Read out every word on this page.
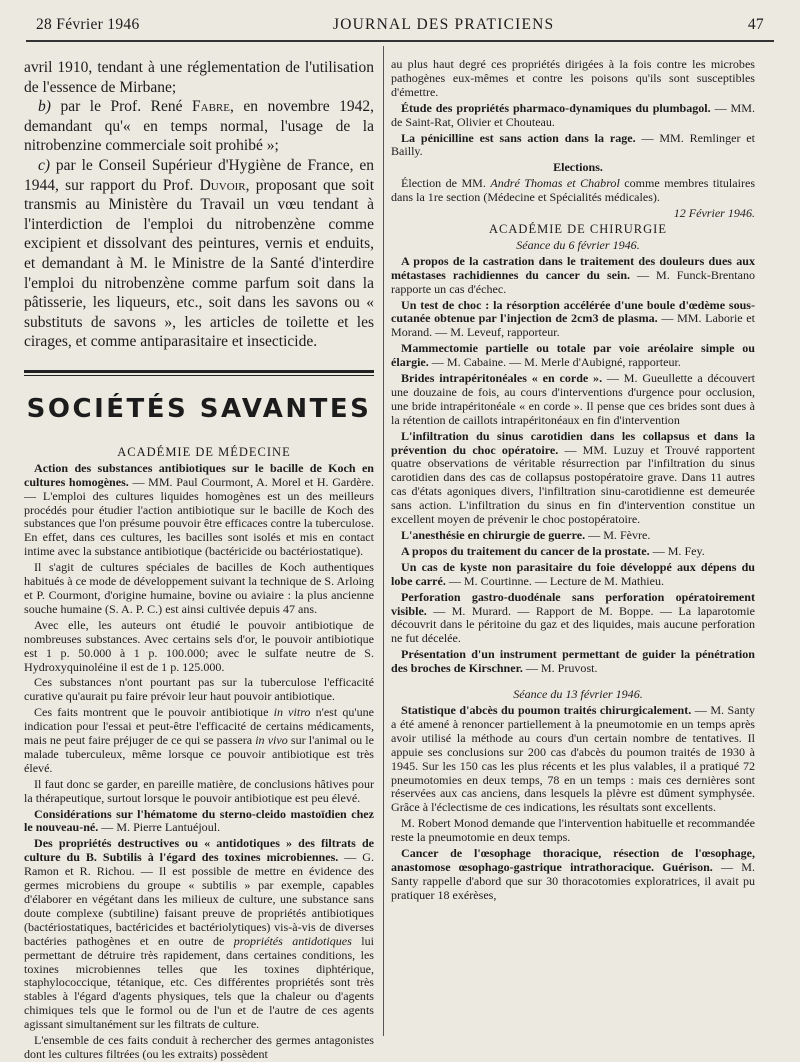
28 Février 1946	JOURNAL DES PRATICIENS	47

avril 1910, tendant à une réglementation de l'utilisation de l'essence de Mirbane;

b) par le Prof. René Fabre, en novembre 1942, demandant qu'« en temps normal, l'usage de la nitrobenzine commerciale soit prohibé »;

c) par le Conseil Supérieur d'Hygiène de France, en 1944, sur rapport du Prof. Duvoir, proposant que soit transmis au Ministère du Travail un vœu tendant à l'interdiction de l'emploi du nitrobenzène comme excipient et dissolvant des peintures, vernis et enduits, et demandant à M. le Ministre de la Santé d'interdire l'emploi du nitrobenzène comme parfum soit dans la pâtisserie, les liqueurs, etc., soit dans les savons ou « substituts de savons », les articles de toilette et les cirages, et comme antiparasitaire et insecticide.

SOCIÉTÉS SAVANTES

ACADÉMIE DE MÉDECINE

Action des substances antibiotiques sur le bacille de Koch en cultures homogènes. — MM. Paul Courmont, A. Morel et H. Gardère. — L'emploi des cultures liquides homogènes est un des meilleurs procédés pour étudier l'action antibiotique sur le bacille de Koch des substances que l'on présume pouvoir être efficaces contre la tuberculose. En effet, dans ces cultures, les bacilles sont isolés et mis en contact intime avec la substance antibiotique (bactéricide ou bactériostatique).

Il s'agit de cultures spéciales de bacilles de Koch authentiques habitués à ce mode de développement suivant la technique de S. Arloing et P. Courmont, d'origine humaine, bovine ou aviaire : la plus ancienne souche humaine (S. A. P. C.) est ainsi cultivée depuis 47 ans.

Avec elle, les auteurs ont étudié le pouvoir antibiotique de nombreuses substances. Avec certains sels d'or, le pouvoir antibiotique est 1 p. 50.000 à 1 p. 100.000; avec le sulfate neutre de S. Hydroxyquinoléine il est de 1 p. 125.000.

Ces substances n'ont pourtant pas sur la tuberculose l'efficacité curative qu'aurait pu faire prévoir leur haut pouvoir antibiotique.

Ces faits montrent que le pouvoir antibiotique in vitro n'est qu'une indication pour l'essai et peut-être l'efficacité de certains médicaments, mais ne peut faire préjuger de ce qui se passera in vivo sur l'animal ou le malade tuberculeux, même lorsque ce pouvoir antibiotique est très élevé.

Il faut donc se garder, en pareille matière, de conclusions hâtives pour la thérapeutique, surtout lorsque le pouvoir antibiotique est peu élevé.

Considérations sur l'hématome du sterno-cleido mastoïdien chez le nouveau-né. — M. Pierre Lantuéjoul.

Des propriétés destructives ou « antidotiques » des filtrats de culture du B. Subtilis à l'égard des toxines microbiennes. — G. Ramon et R. Richou. — Il est possible de mettre en évidence des germes microbiens du groupe « subtilis » par exemple, capables d'élaborer en végétant dans les milieux de culture, une substance sans doute complexe (subtiline) faisant preuve de propriétés antibiotiques (bactériostatiques, bactéricides et bactériolytiques) vis-à-vis de diverses bactéries pathogènes et en outre de propriétés antidotiques lui permettant de détruire très rapidement, dans certaines conditions, les toxines microbiennes telles que les toxines diphtérique, staphylococcique, tétanique, etc. Ces différentes propriétés sont très stables à l'égard d'agents physiques, tels que la chaleur ou d'agents chimiques tels que le formol ou de l'un et de l'autre de ces agents agissant simultanément sur les filtrats de culture.

L'ensemble de ces faits conduit à rechercher des germes antagonistes dont les cultures filtrées (ou les extraits) possèdent

au plus haut degré ces propriétés dirigées à la fois contre les microbes pathogènes eux-mêmes et contre les poisons qu'ils sont susceptibles d'émettre.

Étude des propriétés pharmaco-dynamiques du plumbagol. — MM. de Saint-Rat, Olivier et Chouteau.

La pénicilline est sans action dans la rage. — MM. Remlinger et Bailly.

Elections.

Élection de MM. André Thomas et Chabrol comme membres titulaires dans la 1re section (Médecine et Spécialités médicales).

12 Février 1946.

ACADÉMIE DE CHIRURGIE

Séance du 6 février 1946.

A propos de la castration dans le traitement des douleurs dues aux métastases rachidiennes du cancer du sein. — M. Funck-Brentano rapporte un cas d'échec.

Un test de choc : la résorption accélérée d'une boule d'œdème sous-cutanée obtenue par l'injection de 2cm3 de plasma. — MM. Laborie et Morand. — M. Leveuf, rapporteur.

Mammectomie partielle ou totale par voie aréolaire simple ou élargie. — M. Cabaine. — M. Merle d'Aubigné, rapporteur.

Brides intrapéritonéales « en corde ». — M. Gueullette a découvert une douzaine de fois, au cours d'interventions d'urgence pour occlusion, une bride intrapéritonéale « en corde ». Il pense que ces brides sont dues à la rétention de caillots intrapéritonéaux en fin d'intervention

L'infiltration du sinus carotidien dans les collapsus et dans la prévention du choc opératoire. — MM. Luzuy et Trouvé rapportent quatre observations de véritable résurrection par l'infiltration du sinus carotidien dans des cas de collapsus postopératoire grave. Dans 11 autres cas d'états agoniques divers, l'infiltration sinu-carotidienne est demeurée sans action. L'infiltration du sinus en fin d'intervention constitue un excellent moyen de prévenir le choc postopératoire.

L'anesthésie en chirurgie de guerre. — M. Fèvre.

A propos du traitement du cancer de la prostate. — M. Fey.

Un cas de kyste non parasitaire du foie développé aux dépens du lobe carré. — M. Courtinne. — Lecture de M. Mathieu.

Perforation gastro-duodénale sans perforation opératoirement visible. — M. Murard. — Rapport de M. Boppe. — La laparotomie découvrit dans le péritoine du gaz et des liquides, mais aucune perforation ne fut décelée.

Présentation d'un instrument permettant de guider la pénétration des broches de Kirschner. — M. Pruvost.

Séance du 13 février 1946.

Statistique d'abcès du poumon traités chirurgicalement. — M. Santy a été amené à renoncer partiellement à la pneumotomie en un temps après avoir utilisé la méthode au cours d'un certain nombre de tentatives. Il appuie ses conclusions sur 200 cas d'abcès du poumon traités de 1930 à 1945. Sur les 150 cas les plus récents et les plus valables, il a pratiqué 72 pneumotomies en deux temps, 78 en un temps : mais ces dernières sont réservées aux cas anciens, dans lesquels la plèvre est dûment symphysée. Grâce à l'éclectisme de ces indications, les résultats sont excellents.

M. Robert Monod demande que l'intervention habituelle et recommandée reste la pneumotomie en deux temps.

Cancer de l'œsophage thoracique, résection de l'œsophage, anastomose œsophago-gastrique intrathoracique. Guérison. — M. Santy rappelle d'abord que sur 30 thoracotomies exploratrices, il avait pu pratiquer 18 exérèses,
